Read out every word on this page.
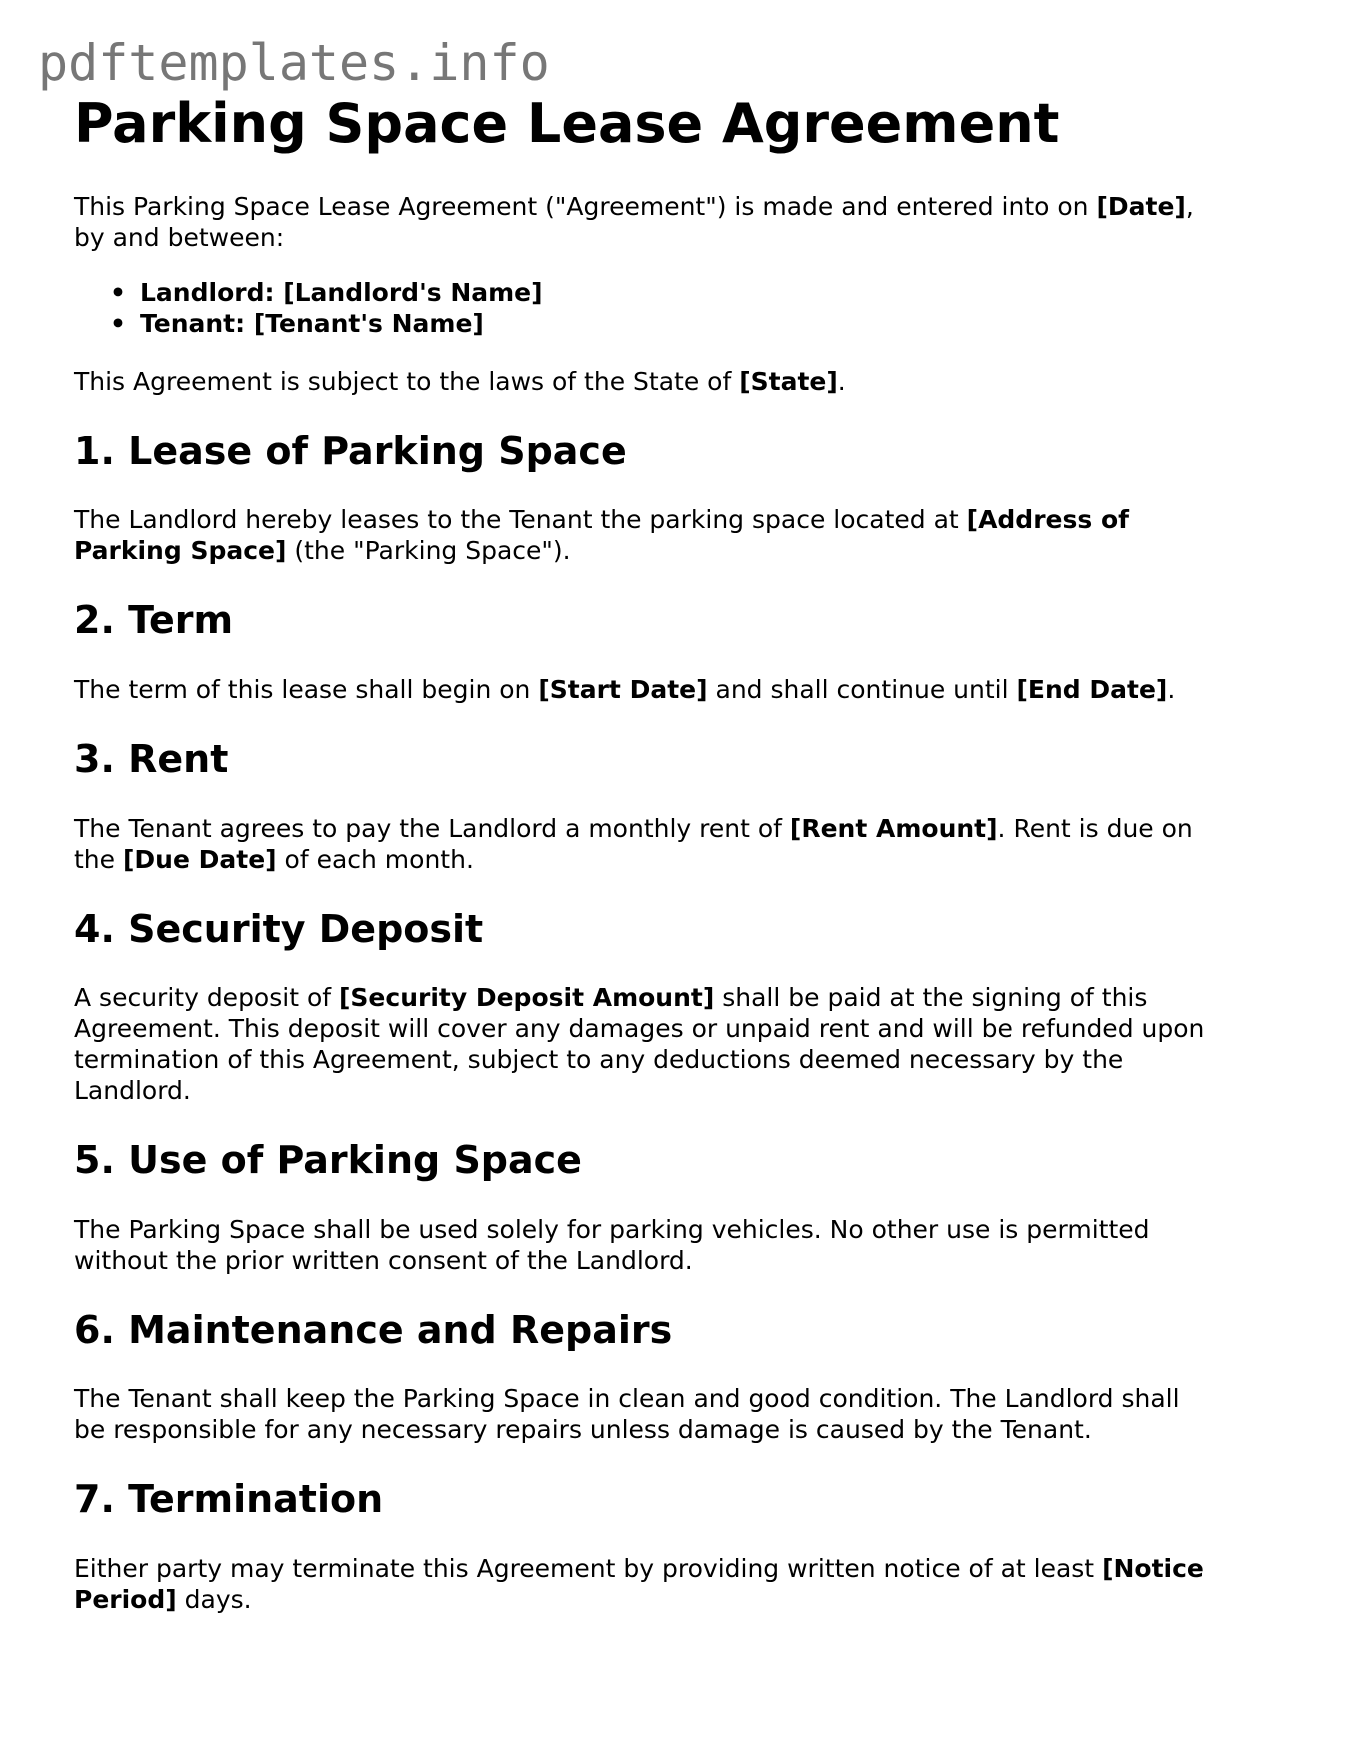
pdftemplates.info
Parking Space Lease Agreement

This Parking Space Lease Agreement ("Agreement") is made and entered into on [Date],
by and between:

• Landlord: [Landlord's Name]
• Tenant: [Tenant's Name]

This Agreement is subject to the laws of the State of [State].

1. Lease of Parking Space

The Landlord hereby leases to the Tenant the parking space located at [Address of
Parking Space] (the "Parking Space").

2. Term

The term of this lease shall begin on [Start Date] and shall continue until [End Date].

3. Rent

The Tenant agrees to pay the Landlord a monthly rent of [Rent Amount]. Rent is due on
the [Due Date] of each month.

4. Security Deposit

A security deposit of [Security Deposit Amount] shall be paid at the signing of this
Agreement. This deposit will cover any damages or unpaid rent and will be refunded upon
termination of this Agreement, subject to any deductions deemed necessary by the
Landlord.

5. Use of Parking Space

The Parking Space shall be used solely for parking vehicles. No other use is permitted
without the prior written consent of the Landlord.

6. Maintenance and Repairs

The Tenant shall keep the Parking Space in clean and good condition. The Landlord shall
be responsible for any necessary repairs unless damage is caused by the Tenant.

7. Termination

Either party may terminate this Agreement by providing written notice of at least [Notice
Period] days.
